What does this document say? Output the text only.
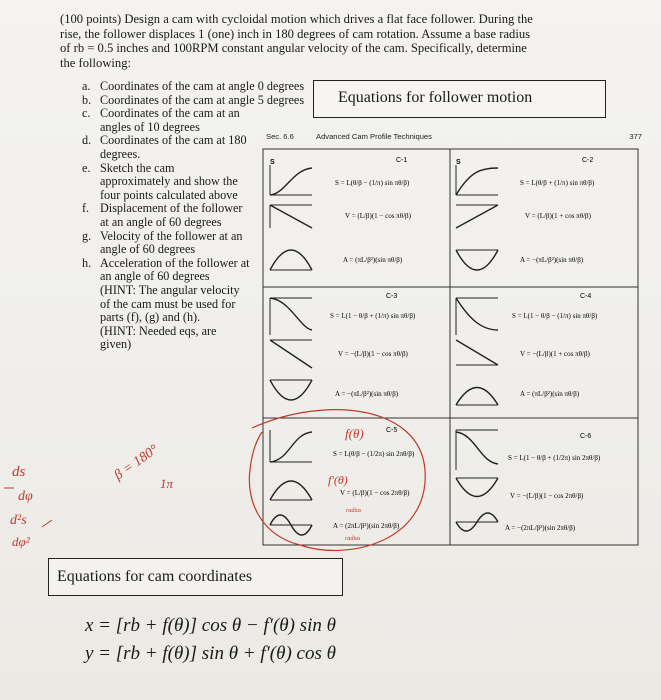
(100 points) Design a cam with cycloidal motion which drives a flat face follower. During the rise, the follower displaces 1 (one) inch in 180 degrees of cam rotation. Assume a base radius of rb = 0.5 inches and 100RPM constant angular velocity of the cam. Specifically, determine the following:

Equations for follower motion
a. Coordinates of the cam at angle 0 degrees
b. Coordinates of the cam at angle 5 degrees
c. Coordinates of the cam at an angles of 10 degrees
d. Coordinates of the cam at 180 degrees.
e. Sketch the cam approximately and show the four points calculated above
f. Displacement of the follower at an angle of 60 degrees
g. Velocity of the follower at an angle of 60 degrees
h. Acceleration of the follower at an angle of 60 degrees
(HINT: The angular velocity of the cam must be used for parts (f), (g) and (h).
(HINT: Needed eqs, are given)
Sec. 6.6	Advanced Cam Profile Techniques	377
C-1
S
S = L(θ/β − (1/π) sin πθ/β)
V = (L/β)(1 − cos πθ/β)
A = (πL/β²)(sin πθ/β)
C-2
S
S = L(θ/β + (1/π) sin πθ/β)
V = (L/β)(1 + cos πθ/β)
A = −(πL/β²)(sin πθ/β)
C-3
S = L(1 − θ/β + (1/π) sin πθ/β)
V = −(L/β)(1 − cos πθ/β)
A = −(πL/β²)(sin πθ/β)
C-4
S = L(1 − θ/β − (1/π) sin πθ/β)
V = −(L/β)(1 + cos πθ/β)
A = (πL/β²)(sin πθ/β)
C-5
S = L(θ/β − (1/2π) sin 2πθ/β)
V = (L/β)(1 − cos 2πθ/β)
A = (2πL/β²)(sin 2πθ/β)
C-6
S = L(1 − θ/β + (1/2π) sin 2πθ/β)
V = −(L/β)(1 − cos 2πθ/β)
A = −(2πL/β²)(sin 2πθ/β)
f(θ)
f'(θ)
radius
radius
β = 180°
1π
ds
dφ
d²s
dφ²
Equations for cam coordinates
x = [rb + f(θ)] cos θ − f′(θ) sin θ
y = [rb + f(θ)] sin θ + f′(θ) cos θ
